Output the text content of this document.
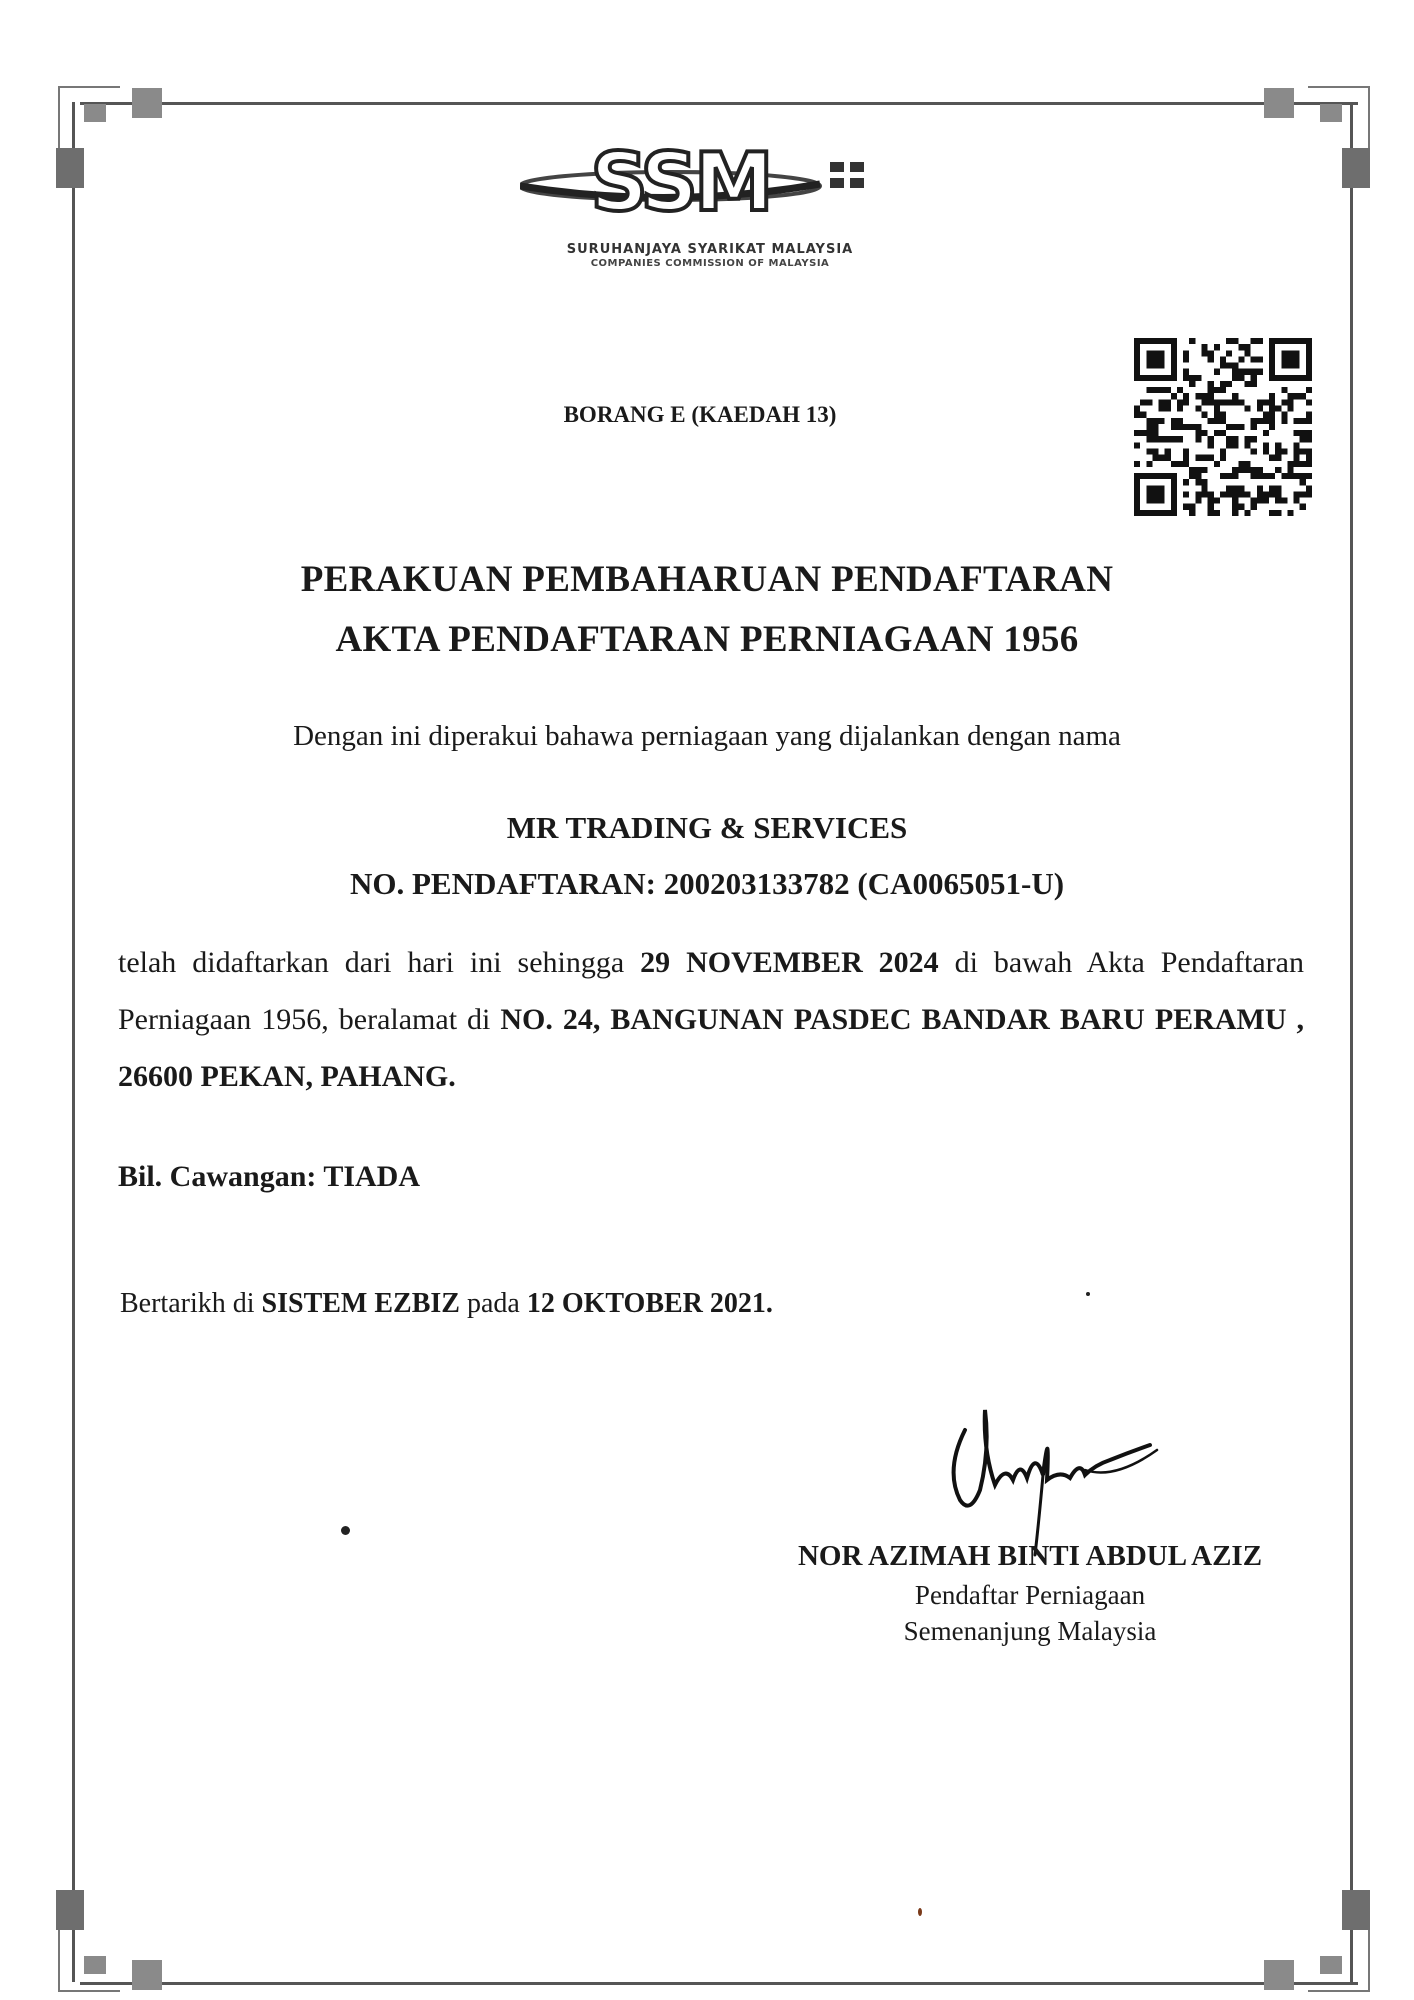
SSM
SURUHANJAYA SYARIKAT MALAYSIA
COMPANIES COMMISSION OF MALAYSIA
BORANG E (KAEDAH 13)
PERAKUAN PEMBAHARUAN PENDAFTARAN
AKTA PENDAFTARAN PERNIAGAAN 1956
Dengan ini diperakui bahawa perniagaan yang dijalankan dengan nama
MR TRADING & SERVICES
NO. PENDAFTARAN: 200203133782 (CA0065051-U)
telah didaftarkan dari hari ini sehingga 29 NOVEMBER 2024 di bawah Akta Pendaftaran Perniagaan 1956, beralamat di NO. 24, BANGUNAN PASDEC BANDAR BARU PERAMU , 26600 PEKAN, PAHANG.
Bil. Cawangan: TIADA
Bertarikh di SISTEM EZBIZ pada 12 OKTOBER 2021.
NOR AZIMAH BINTI ABDUL AZIZ
Pendaftar Perniagaan
Semenanjung Malaysia
